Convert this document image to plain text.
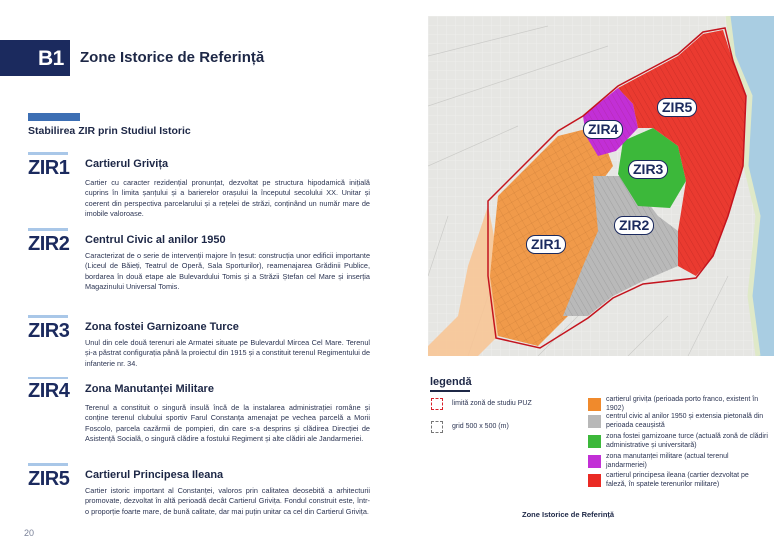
B1 Zone Istorice de Referință
Stabilirea ZIR prin Studiul Istoric
ZIR1 Cartierul Grivița
Cartier cu caracter rezidențial pronunțat, dezvoltat pe structura hipodamică inițială cuprins în limita șanțului și a barierelor orașului la începutul secolului XX. Unitar și coerent din perspectiva parcelarului și a rețelei de străzi, conținând un număr mare de imobile valoroase.
ZIR2 Centrul Civic al anilor 1950
Caracterizat de o serie de intervenții majore în țesut: construcția unor edificii importante (Liceul de Băieți, Teatrul de Operă, Sala Sporturilor), reamenajarea Grădinii Publice, bordarea în două etape ale Bulevardului Tomis și a Străzii Ștefan cel Mare și inserția Magazinului Universal Tomis.
ZIR3 Zona fostei Garnizoane Turce
Unul din cele două terenuri ale Armatei situate pe Bulevardul Mircea Cel Mare. Terenul și-a păstrat configurația până la proiectul din 1915 și a constituit terenul Regimentului de infanterie nr. 34.
ZIR4 Zona Manutanței Militare
Terenul a constituit o singură insulă încă de la instalarea administrației române și conține terenul clubului sportiv Farul Constanța amenajat pe vechea parcelă a Morii Foscolo, parcela cazărmii de pompieri, din care s-a desprins și clădirea Direcției de Asistență Socială, o singură clădire a fostului Regiment și alte clădiri ale Jandarmeriei.
ZIR5 Cartierul Principesa Ileana
Cartier istoric important al Constanței, valoros prin calitatea deosebită a arhitecturii promovate, dezvoltat în altă perioadă decât Cartierul Grivița. Fondul construit este, într-o proporție foarte mare, de bună calitate, dar mai puțin unitar ca cel din Cartierul Grivița.
20
ZIR1
ZIR2
ZIR3
ZIR4
ZIR5
legendă
limită zonă de studiu PUZ
grid 500 x 500 (m)
cartierul grivița (perioada porto franco, existent în 1902)
centrul civic al anilor 1950 și extensia pietonală din perioada ceaușistă
zona fostei garnizoane turce (actuală zonă de clădiri administrative și universitară)
zona manutanței militare (actual terenul jandarmeriei)
cartierul principesa ileana (cartier dezvoltat pe faleză, în spatele terenurilor militare)
Zone Istorice de Referință
